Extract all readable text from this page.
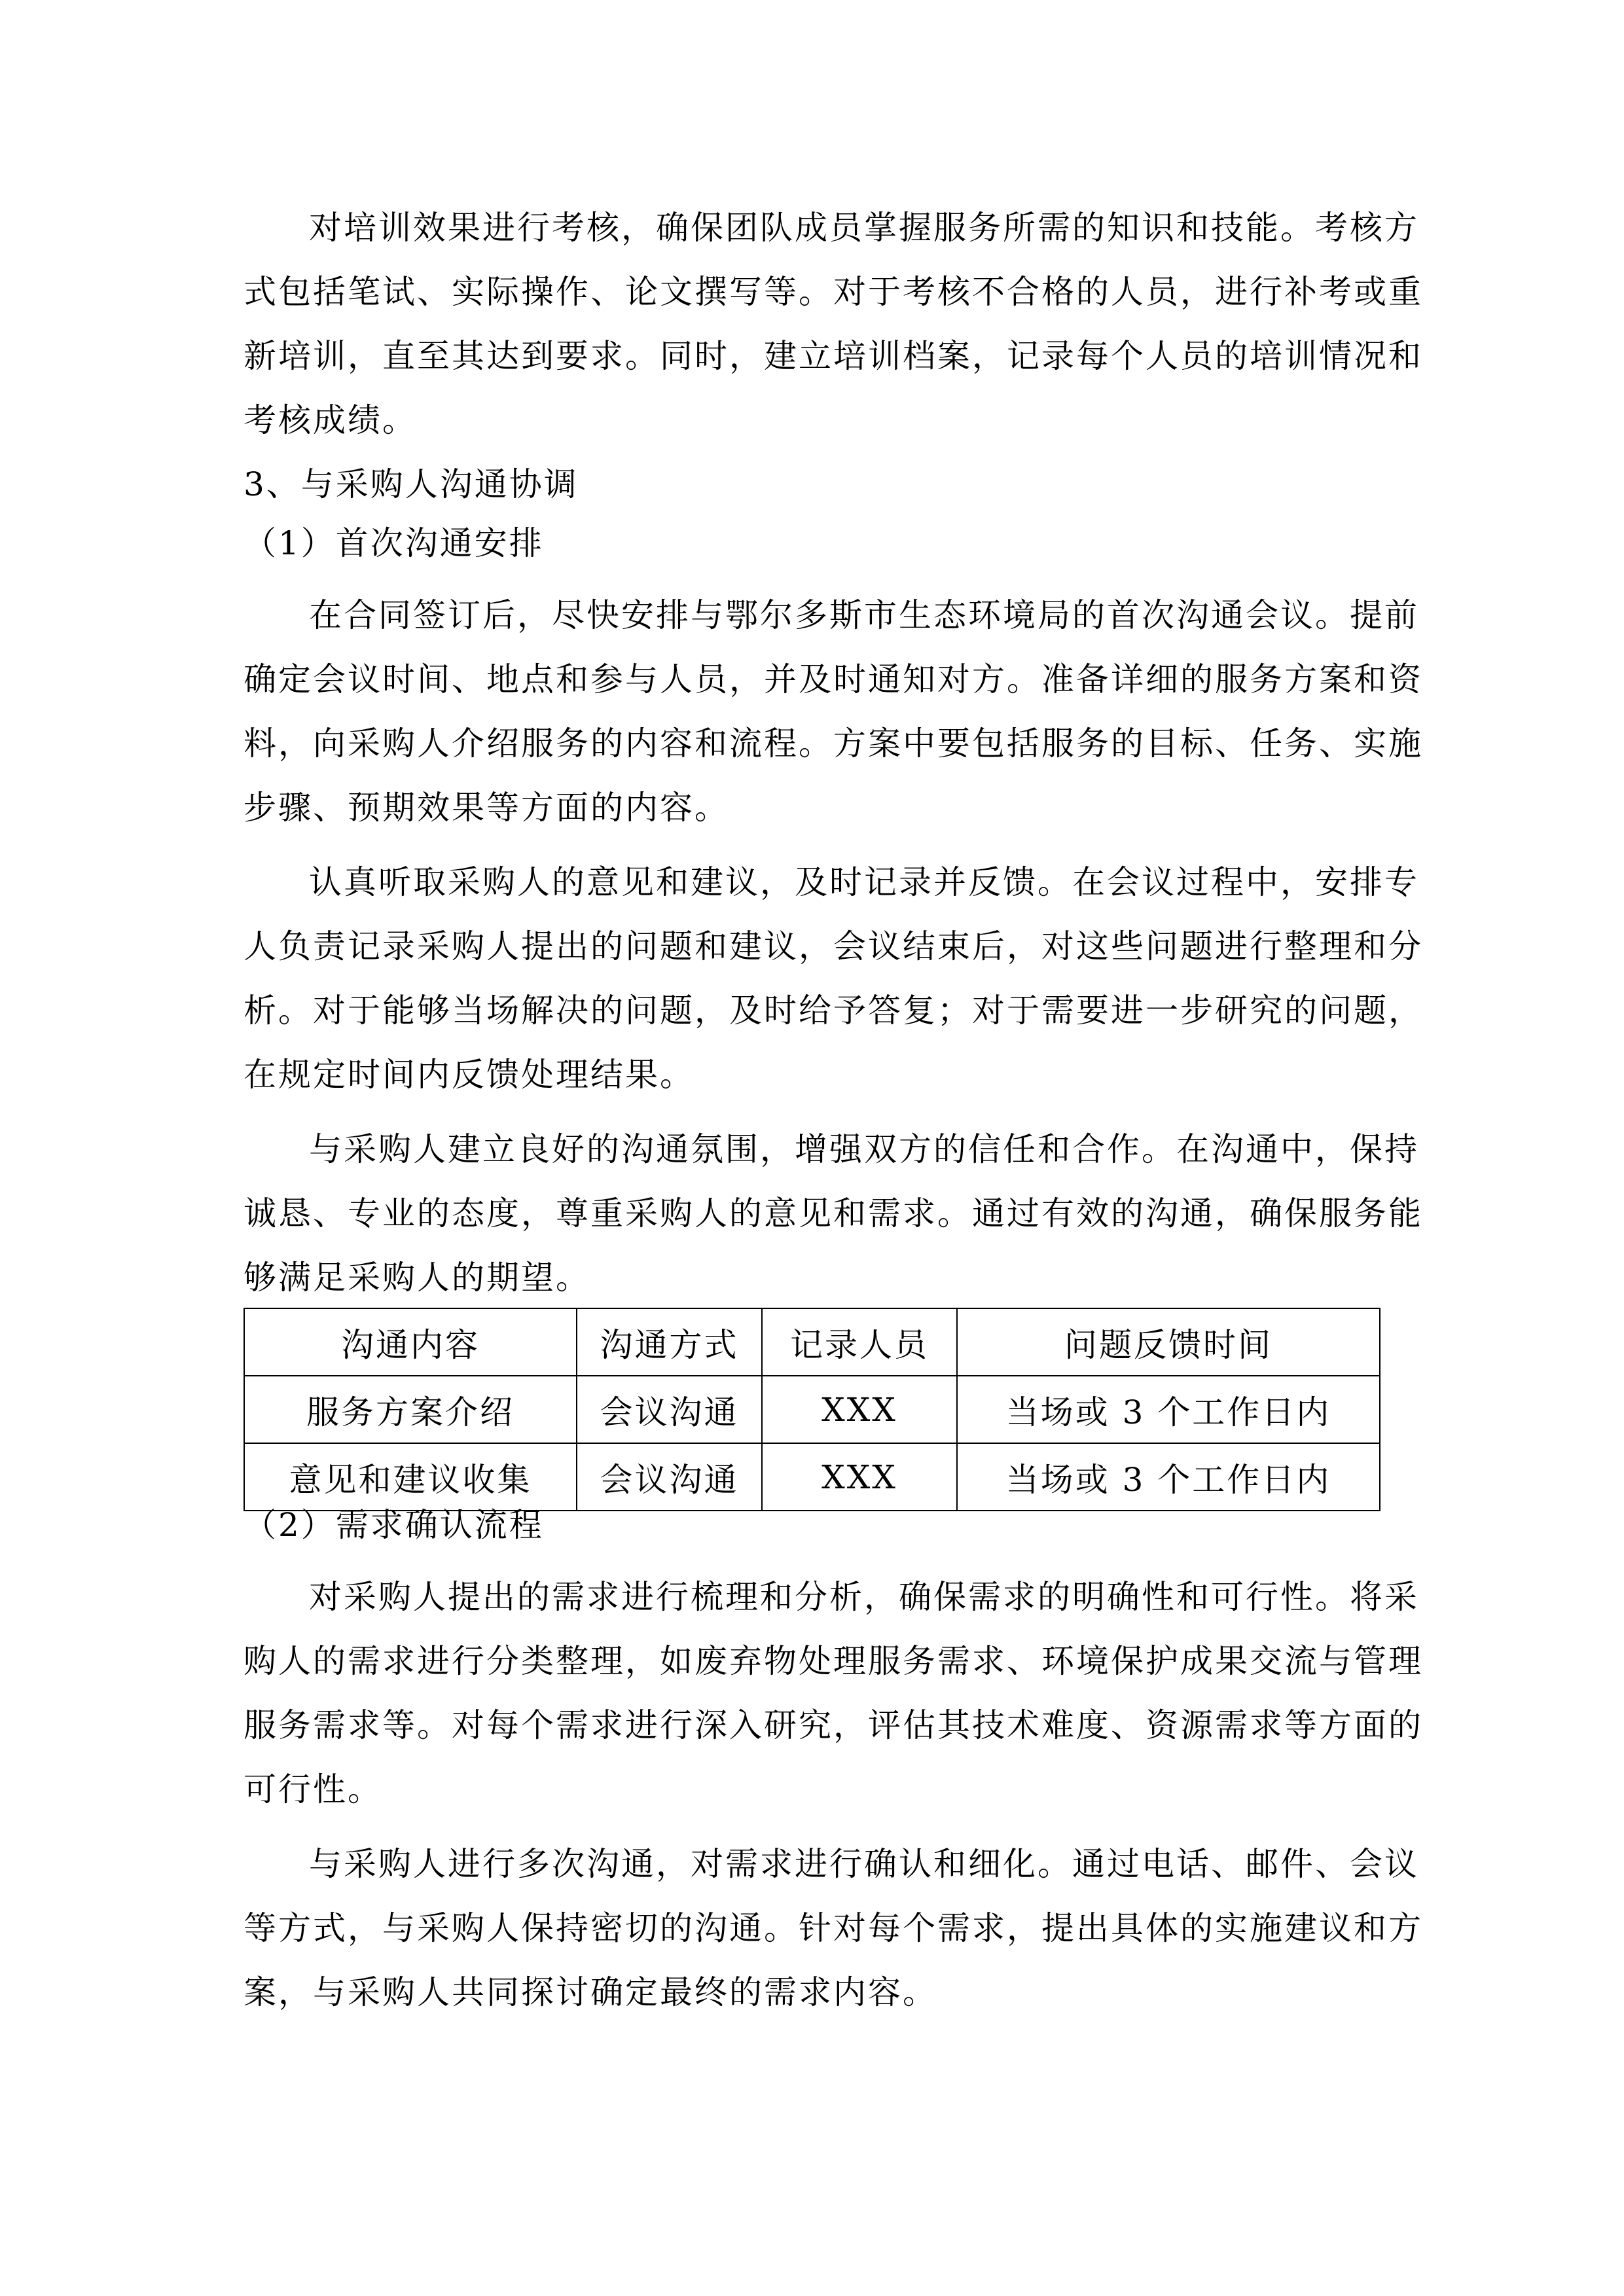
对培训效果进行考核，确保团队成员掌握服务所需的知识和技能。考核方
式包括笔试、实际操作、论文撰写等。对于考核不合格的人员，进行补考或重
新培训，直至其达到要求。同时，建立培训档案，记录每个人员的培训情况和
考核成绩。
3、与采购人沟通协调
（1）首次沟通安排
在合同签订后，尽快安排与鄂尔多斯市生态环境局的首次沟通会议。提前
确定会议时间、地点和参与人员，并及时通知对方。准备详细的服务方案和资
料，向采购人介绍服务的内容和流程。方案中要包括服务的目标、任务、实施
步骤、预期效果等方面的内容。
认真听取采购人的意见和建议，及时记录并反馈。在会议过程中，安排专
人负责记录采购人提出的问题和建议，会议结束后，对这些问题进行整理和分
析。对于能够当场解决的问题，及时给予答复；对于需要进一步研究的问题，
在规定时间内反馈处理结果。
与采购人建立良好的沟通氛围，增强双方的信任和合作。在沟通中，保持
诚恳、专业的态度，尊重采购人的意见和需求。通过有效的沟通，确保服务能
够满足采购人的期望。
沟通内容	沟通方式	记录人员	问题反馈时间
服务方案介绍	会议沟通	XXX	当场或 3 个工作日内
意见和建议收集	会议沟通	XXX	当场或 3 个工作日内
（2）需求确认流程
对采购人提出的需求进行梳理和分析，确保需求的明确性和可行性。将采
购人的需求进行分类整理，如废弃物处理服务需求、环境保护成果交流与管理
服务需求等。对每个需求进行深入研究，评估其技术难度、资源需求等方面的
可行性。
与采购人进行多次沟通，对需求进行确认和细化。通过电话、邮件、会议
等方式，与采购人保持密切的沟通。针对每个需求，提出具体的实施建议和方
案，与采购人共同探讨确定最终的需求内容。
